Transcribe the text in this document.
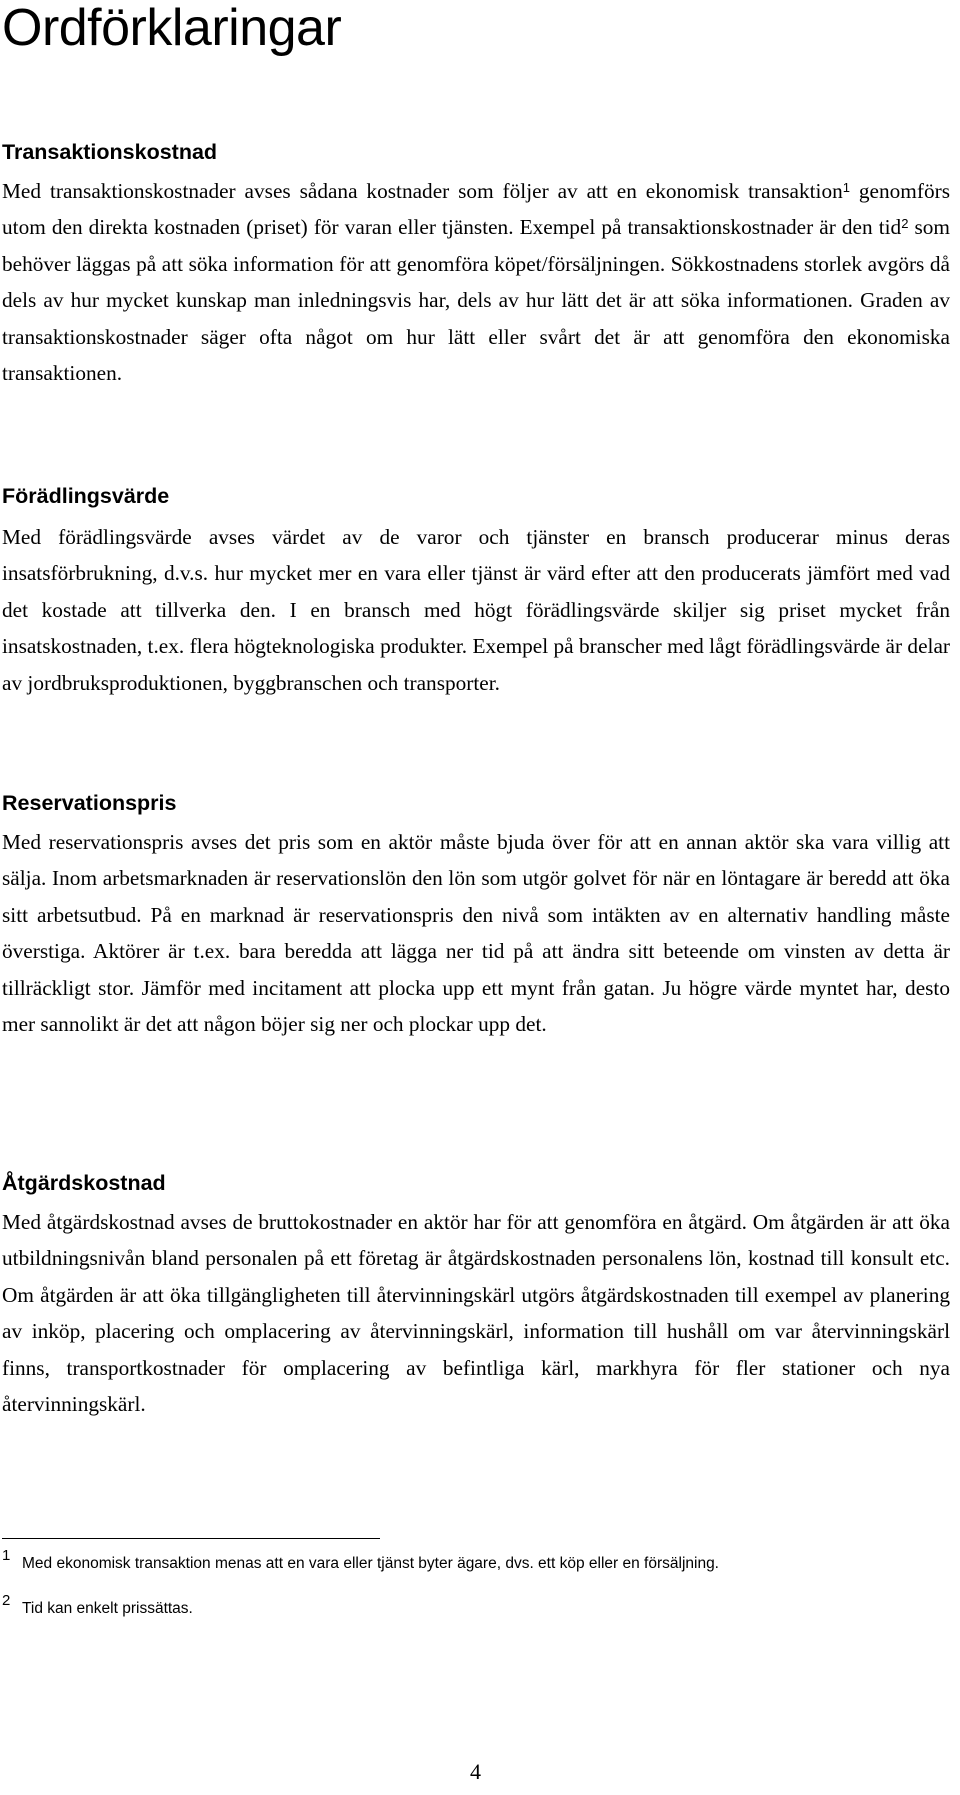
Ordförklaringar
Transaktionskostnad

Med transaktionskostnader avses sådana kostnader som följer av att en ekonomisk transaktion$^1$ genomförs utom den direkta kostnaden (priset) för varan eller tjänsten. Exempel på transaktionskostnader är den tid$^2$ som behöver läggas på att söka information för att genomföra köpet/försäljningen. Sökkostnadens storlek avgörs då dels av hur mycket kunskap man inledningsvis har, dels av hur lätt det är att söka informationen. Graden av transaktionskostnader säger ofta något om hur lätt eller svårt det är att genomföra den ekonomiska transaktionen.

Förädlingsvärde

Med förädlingsvärde avses värdet av de varor och tjänster en bransch producerar minus deras insatsförbrukning, d.v.s. hur mycket mer en vara eller tjänst är värd efter att den producerats jämfört med vad det kostade att tillverka den. I en bransch med högt förädlingsvärde skiljer sig priset mycket från insatskostnaden, t.ex. flera högteknologiska produkter. Exempel på branscher med lågt förädlingsvärde är delar av jordbruksproduktionen, byggbranschen och transporter.

Reservationspris

Med reservationspris avses det pris som en aktör måste bjuda över för att en annan aktör ska vara villig att sälja. Inom arbetsmarknaden är reservationslön den lön som utgör golvet för när en löntagare är beredd att öka sitt arbetsutbud. På en marknad är reservationspris den nivå som intäkten av en alternativ handling måste överstiga. Aktörer är t.ex. bara beredda att lägga ner tid på att ändra sitt beteende om vinsten av detta är tillräckligt stor. Jämför med incitament att plocka upp ett mynt från gatan. Ju högre värde myntet har, desto mer sannolikt är det att någon böjer sig ner och plockar upp det.

Åtgärdskostnad

Med åtgärdskostnad avses de bruttokostnader en aktör har för att genomföra en åtgärd. Om åtgärden är att öka utbildningsnivån bland personalen på ett företag är åtgärdskostnaden personalens lön, kostnad till konsult etc. Om åtgärden är att öka tillgängligheten till återvinningskärl utgörs åtgärdskostnaden till exempel av planering av inköp, placering och omplacering av återvinningskärl, information till hushåll om var återvinningskärl finns, transportkostnader för omplacering av befintliga kärl, markhyra för fler stationer och nya återvinningskärl.

1 Med ekonomisk transaktion menas att en vara eller tjänst byter ägare, dvs. ett köp eller en försäljning.
2 Tid kan enkelt prissättas.
4
